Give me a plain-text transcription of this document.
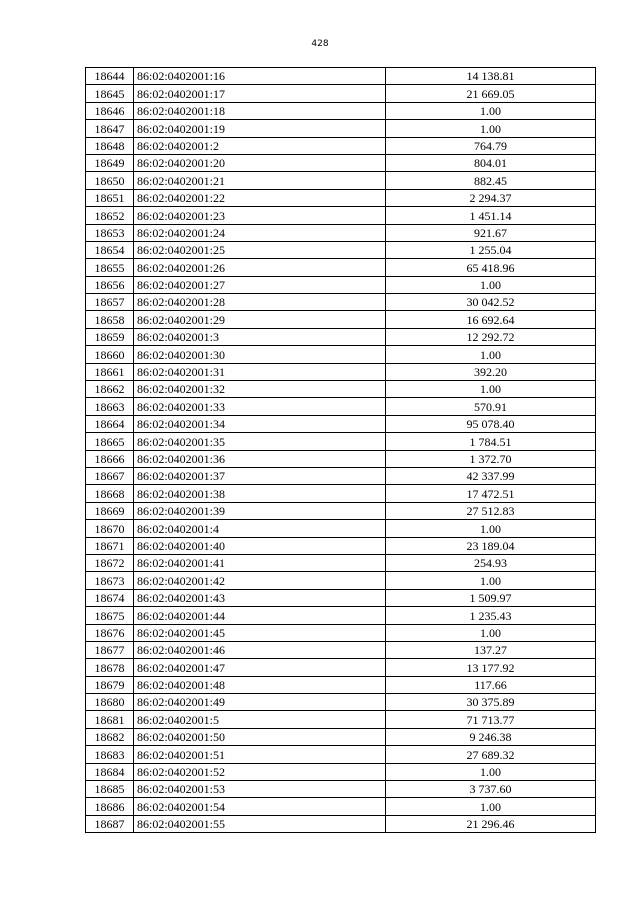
428
18644	86:02:0402001:16	14 138.81
18645	86:02:0402001:17	21 669.05
18646	86:02:0402001:18	1.00
18647	86:02:0402001:19	1.00
18648	86:02:0402001:2	764.79
18649	86:02:0402001:20	804.01
18650	86:02:0402001:21	882.45
18651	86:02:0402001:22	2 294.37
18652	86:02:0402001:23	1 451.14
18653	86:02:0402001:24	921.67
18654	86:02:0402001:25	1 255.04
18655	86:02:0402001:26	65 418.96
18656	86:02:0402001:27	1.00
18657	86:02:0402001:28	30 042.52
18658	86:02:0402001:29	16 692.64
18659	86:02:0402001:3	12 292.72
18660	86:02:0402001:30	1.00
18661	86:02:0402001:31	392.20
18662	86:02:0402001:32	1.00
18663	86:02:0402001:33	570.91
18664	86:02:0402001:34	95 078.40
18665	86:02:0402001:35	1 784.51
18666	86:02:0402001:36	1 372.70
18667	86:02:0402001:37	42 337.99
18668	86:02:0402001:38	17 472.51
18669	86:02:0402001:39	27 512.83
18670	86:02:0402001:4	1.00
18671	86:02:0402001:40	23 189.04
18672	86:02:0402001:41	254.93
18673	86:02:0402001:42	1.00
18674	86:02:0402001:43	1 509.97
18675	86:02:0402001:44	1 235.43
18676	86:02:0402001:45	1.00
18677	86:02:0402001:46	137.27
18678	86:02:0402001:47	13 177.92
18679	86:02:0402001:48	117.66
18680	86:02:0402001:49	30 375.89
18681	86:02:0402001:5	71 713.77
18682	86:02:0402001:50	9 246.38
18683	86:02:0402001:51	27 689.32
18684	86:02:0402001:52	1.00
18685	86:02:0402001:53	3 737.60
18686	86:02:0402001:54	1.00
18687	86:02:0402001:55	21 296.46
